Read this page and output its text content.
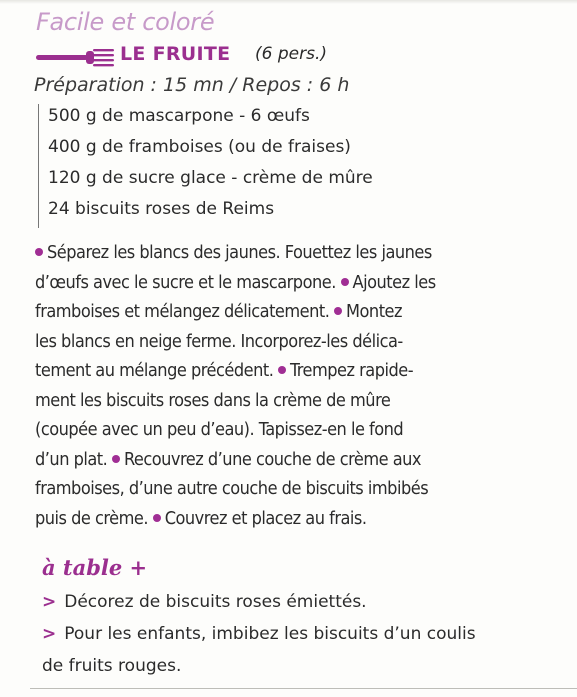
Facile et coloré
LE FRUITE (6 pers.)
Préparation : 15 mn / Repos : 6 h
500 g de mascarpone - 6 œufs
400 g de framboises (ou de fraises)
120 g de sucre glace - crème de mûre
24 biscuits roses de Reims
Séparez les blancs des jaunes. Fouettez les jaunes
d’œufs avec le sucre et le mascarpone. Ajoutez les
framboises et mélangez délicatement. Montez
les blancs en neige ferme. Incorporez-les délica-
tement au mélange précédent. Trempez rapide-
ment les biscuits roses dans la crème de mûre
(coupée avec un peu d’eau). Tapissez-en le fond
d’un plat. Recouvrez d’une couche de crème aux
framboises, d’une autre couche de biscuits imbibés
puis de crème. Couvrez et placez au frais.
à table +
> Décorez de biscuits roses émiettés.
> Pour les enfants, imbibez les biscuits d’un coulis
de fruits rouges.
